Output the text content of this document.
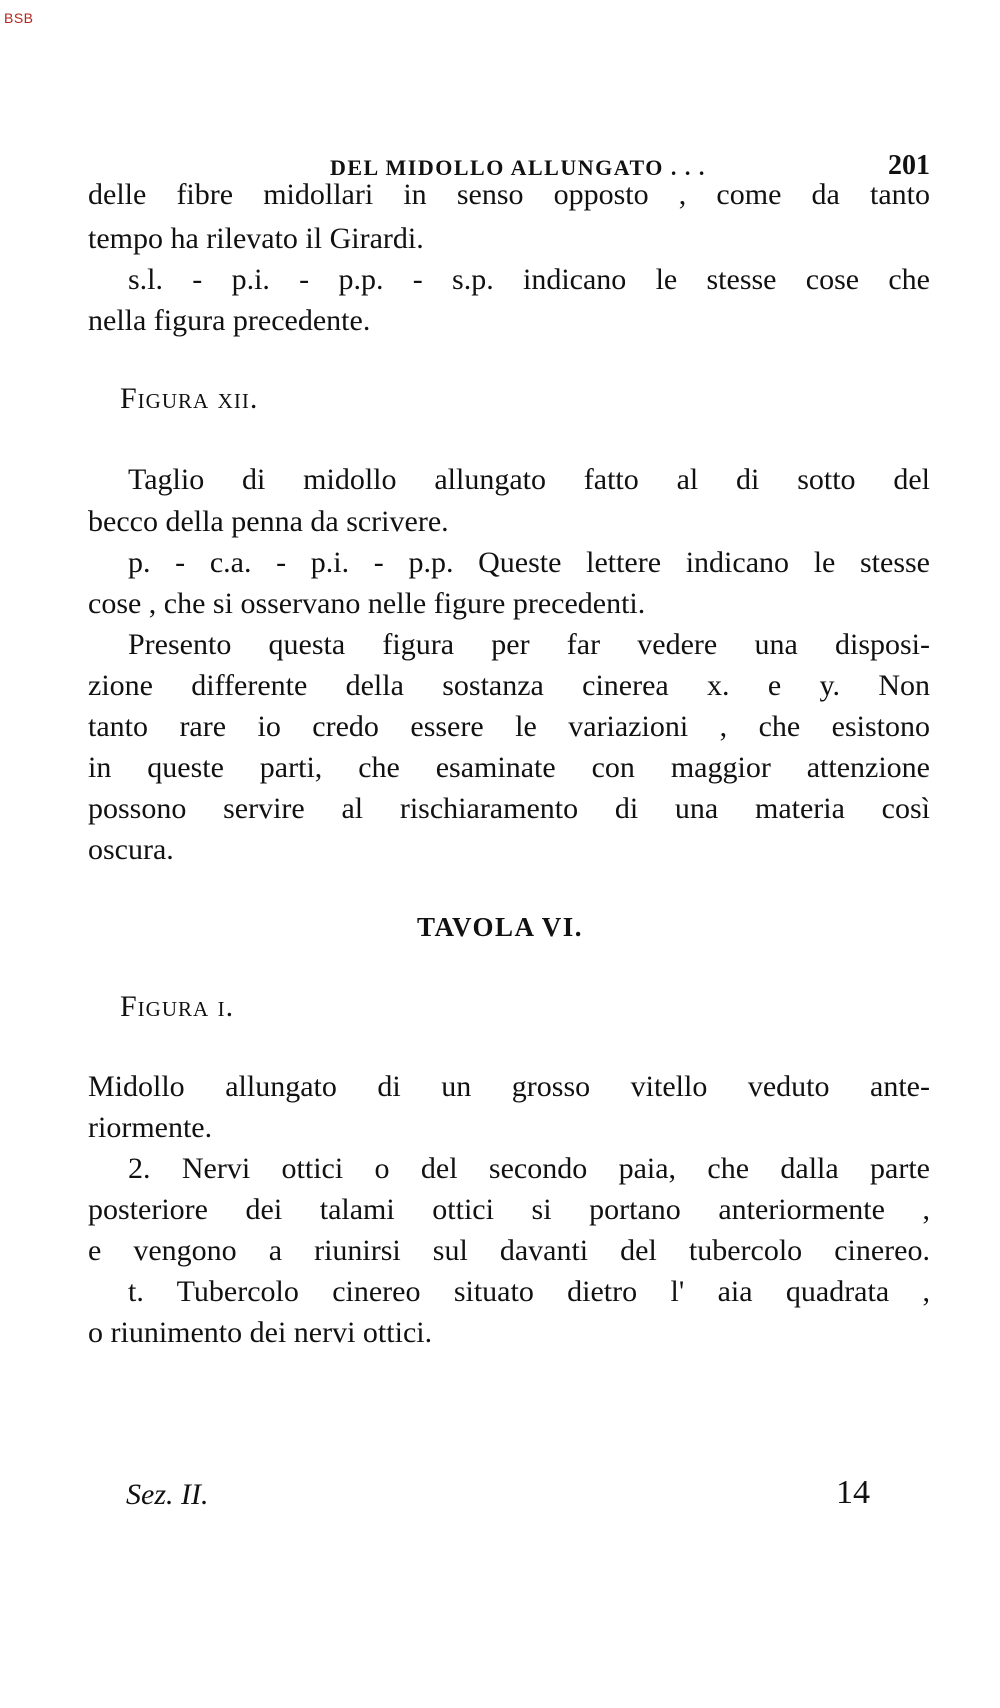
BSB
DEL MIDOLLO ALLUNGATO . . .	201
delle fibre midollari in senso opposto , come da tanto
tempo ha rilevato il Girardi.
s.l. - p.i. - p.p. - s.p. indicano le stesse cose che
nella figura precedente.
Figura xii.
Taglio di midollo allungato fatto al di sotto del
becco della penna da scrivere.
p. - c.a. - p.i. - p.p. Queste lettere indicano le stesse
cose , che si osservano nelle figure precedenti.
Presento questa figura per far vedere una disposi-
zione differente della sostanza cinerea x. e y. Non
tanto rare io credo essere le variazioni , che esistono
in queste parti, che esaminate con maggior attenzione
possono servire al rischiaramento di una materia così
oscura.
TAVOLA VI.
Figura i.
Midollo allungato di un grosso vitello veduto ante-
riormente.
2. Nervi ottici o del secondo paia, che dalla parte
posteriore dei talami ottici si portano anteriormente ,
e vengono a riunirsi sul davanti del tubercolo cinereo.
t. Tubercolo cinereo situato dietro l' aia quadrata ,
o riunimento dei nervi ottici.
Sez. II.	14
